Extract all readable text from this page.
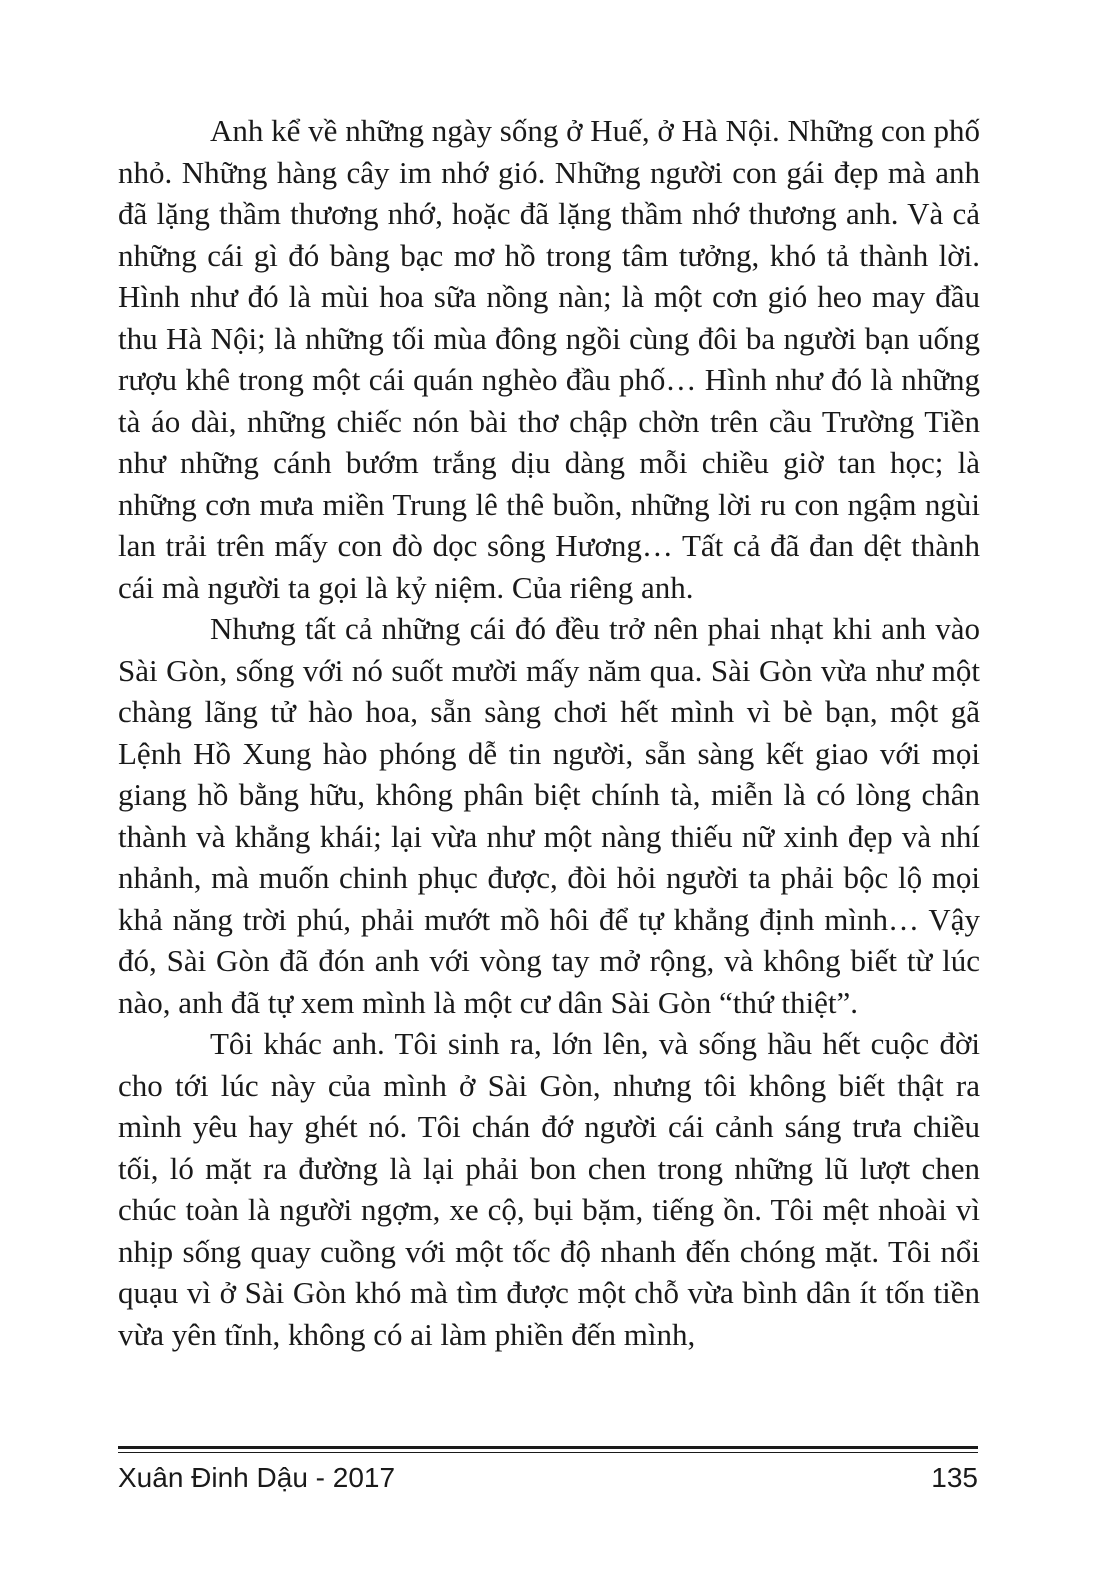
Anh kể về những ngày sống ở Huế, ở Hà Nội. Những con phố nhỏ. Những hàng cây im nhớ gió. Những người con gái đẹp mà anh đã lặng thầm thương nhớ, hoặc đã lặng thầm nhớ thương anh. Và cả những cái gì đó bàng bạc mơ hồ trong tâm tưởng, khó tả thành lời. Hình như đó là mùi hoa sữa nồng nàn; là một cơn gió heo may đầu thu Hà Nội; là những tối mùa đông ngồi cùng đôi ba người bạn uống rượu khê trong một cái quán nghèo đầu phố… Hình như đó là những tà áo dài, những chiếc nón bài thơ chập chờn trên cầu Trường Tiền như những cánh bướm trắng dịu dàng mỗi chiều giờ tan học; là những cơn mưa miền Trung lê thê buồn, những lời ru con ngậm ngùi lan trải trên mấy con đò dọc sông Hương… Tất cả đã đan dệt thành cái mà người ta gọi là kỷ niệm. Của riêng anh.

Nhưng tất cả những cái đó đều trở nên phai nhạt khi anh vào Sài Gòn, sống với nó suốt mười mấy năm qua. Sài Gòn vừa như một chàng lãng tử hào hoa, sẵn sàng chơi hết mình vì bè bạn, một gã Lệnh Hồ Xung hào phóng dễ tin người, sẵn sàng kết giao với mọi giang hồ bằng hữu, không phân biệt chính tà, miễn là có lòng chân thành và khẳng khái; lại vừa như một nàng thiếu nữ xinh đẹp và nhí nhảnh, mà muốn chinh phục được, đòi hỏi người ta phải bộc lộ mọi khả năng trời phú, phải mướt mồ hôi để tự khẳng định mình… Vậy đó, Sài Gòn đã đón anh với vòng tay mở rộng, và không biết từ lúc nào, anh đã tự xem mình là một cư dân Sài Gòn “thứ thiệt”.

Tôi khác anh. Tôi sinh ra, lớn lên, và sống hầu hết cuộc đời cho tới lúc này của mình ở Sài Gòn, nhưng tôi không biết thật ra mình yêu hay ghét nó. Tôi chán đớ người cái cảnh sáng trưa chiều tối, ló mặt ra đường là lại phải bon chen trong những lũ lượt chen chúc toàn là người ngợm, xe cộ, bụi bặm, tiếng ồn. Tôi mệt nhoài vì nhịp sống quay cuồng với một tốc độ nhanh đến chóng mặt. Tôi nổi quạu vì ở Sài Gòn khó mà tìm được một chỗ vừa bình dân ít tốn tiền vừa yên tĩnh, không có ai làm phiền đến mình,

Xuân Đinh Dậu - 2017	135
